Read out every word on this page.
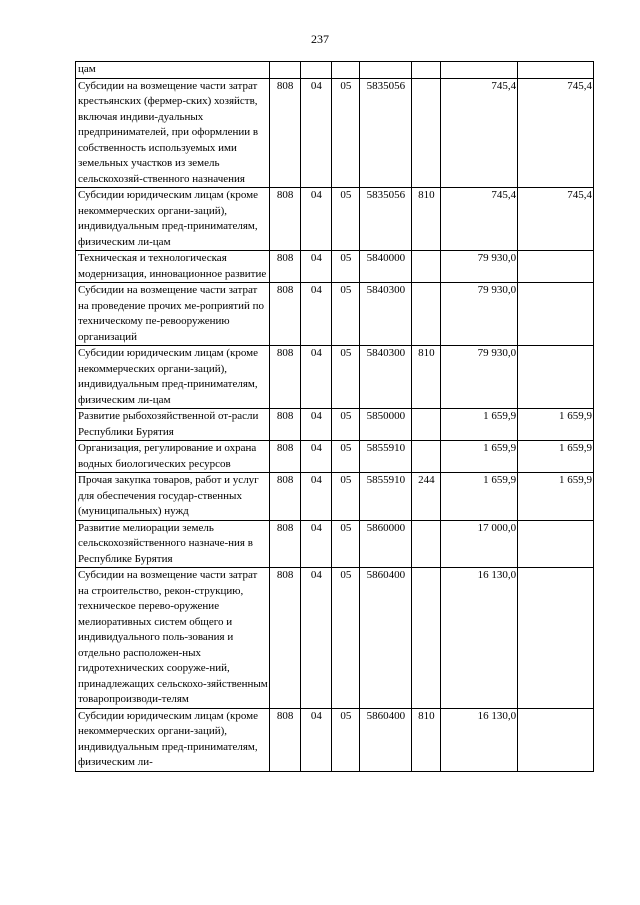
237
цам							
Субсидии на возмещение части затрат крестьянских (фермер-ских) хозяйств, включая индиви-дуальных предпринимателей, при оформлении в собственность используемых ими земельных участков из земель сельскохозяй-ственного назначения	808	04	05	5835056		745,4	745,4
Субсидии юридическим лицам (кроме некоммерческих органи-заций), индивидуальным пред-принимателям, физическим ли-цам	808	04	05	5835056	810	745,4	745,4
Техническая и технологическая модернизация, инновационное развитие	808	04	05	5840000		79 930,0	
Субсидии на возмещение части затрат на проведение прочих ме-роприятий по техническому пе-ревооружению организаций	808	04	05	5840300		79 930,0	
Субсидии юридическим лицам (кроме некоммерческих органи-заций), индивидуальным пред-принимателям, физическим ли-цам	808	04	05	5840300	810	79 930,0	
Развитие рыбохозяйственной от-расли Республики Бурятия	808	04	05	5850000		1 659,9	1 659,9
Организация, регулирование и охрана водных биологических ресурсов	808	04	05	5855910		1 659,9	1 659,9
Прочая закупка товаров, работ и услуг для обеспечения государ-ственных (муниципальных) нужд	808	04	05	5855910	244	1 659,9	1 659,9
Развитие мелиорации земель сельскохозяйственного назначе-ния в Республике Бурятия	808	04	05	5860000		17 000,0	
Субсидии на возмещение части затрат на строительство, рекон-струкцию, техническое перево-оружение мелиоративных систем общего и индивидуального поль-зования и отдельно расположен-ных гидротехнических сооруже-ний, принадлежащих сельскохо-зяйственным товаропроизводи-телям	808	04	05	5860400		16 130,0	
Субсидии юридическим лицам (кроме некоммерческих органи-заций), индивидуальным пред-принимателям, физическим ли-	808	04	05	5860400	810	16 130,0	
